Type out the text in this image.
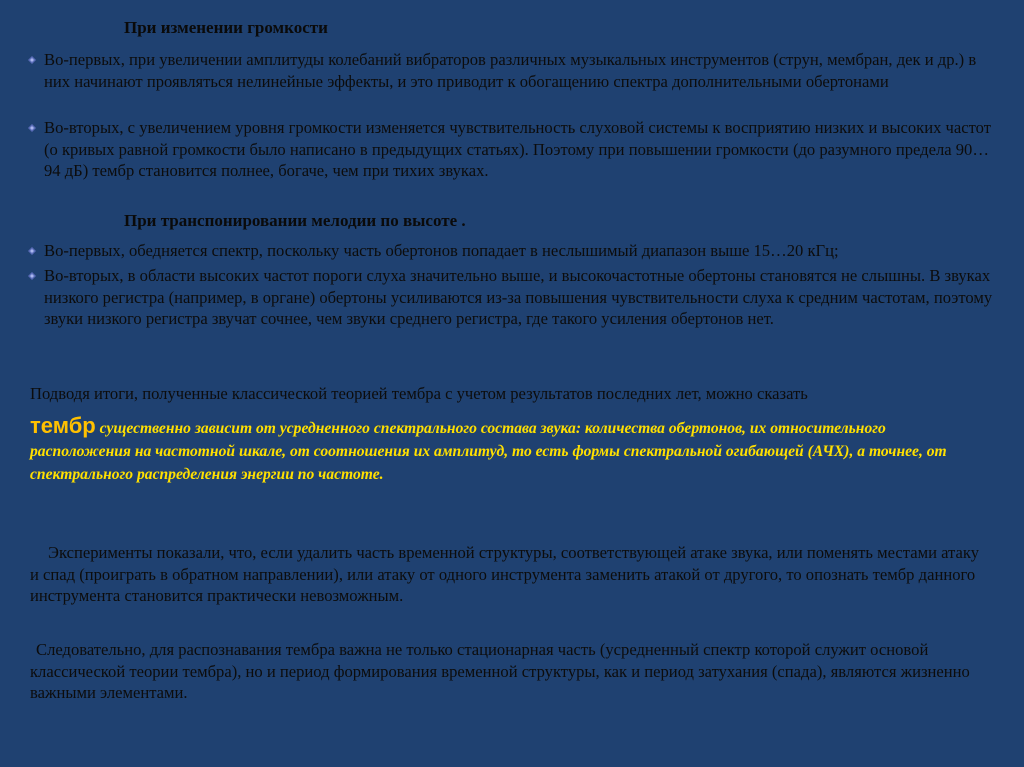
При изменении громкости
Во-первых, при увеличении амплитуды колебаний вибраторов различных музыкальных инструментов (струн, мембран, дек и др.) в них начинают проявляться нелинейные эффекты, и это приводит к обогащению спектра дополнительными обертонами
Во-вторых, с увеличением уровня громкости изменяется чувствительность слуховой системы к восприятию низких и высоких частот (о кривых равной громкости было написано в предыдущих статьях). Поэтому при повышении громкости (до разумного предела 90…94 дБ) тембр становится полнее, богаче, чем при тихих звуках.
При транспонировании мелодии по высоте .
Во-первых, обедняется спектр, поскольку часть обертонов попадает в неслышимый диапазон выше 15…20 кГц;
Во-вторых, в области высоких частот пороги слуха значительно выше, и высокочастотные обертоны становятся не слышны. В звуках низкого регистра (например, в органе) обертоны усиливаются из-за повышения чувствительности слуха к средним частотам, поэтому звуки низкого регистра звучат сочнее, чем звуки среднего регистра, где такого усиления обертонов нет.

Подводя итоги, полученные классической теорией тембра с учетом результатов последних лет, можно сказать

тембр существенно зависит от усредненного спектрального состава звука: количества обертонов, их относительного расположения на частотной шкале, от соотношения их амплитуд, то есть формы спектральной огибающей (АЧХ), а точнее, от спектрального распределения энергии по частоте.

Эксперименты показали, что, если удалить часть временной структуры, соответствующей атаке звука, или поменять местами атаку и спад (проиграть в обратном направлении), или атаку от одного инструмента заменить атакой от другого, то опознать тембр данного инструмента становится практически невозможным.

Следовательно, для распознавания тембра важна не только стационарная часть (усредненный спектр которой служит основой классической теории тембра), но и период формирования временной структуры, как и период затухания (спада), являются жизненно важными элементами.
